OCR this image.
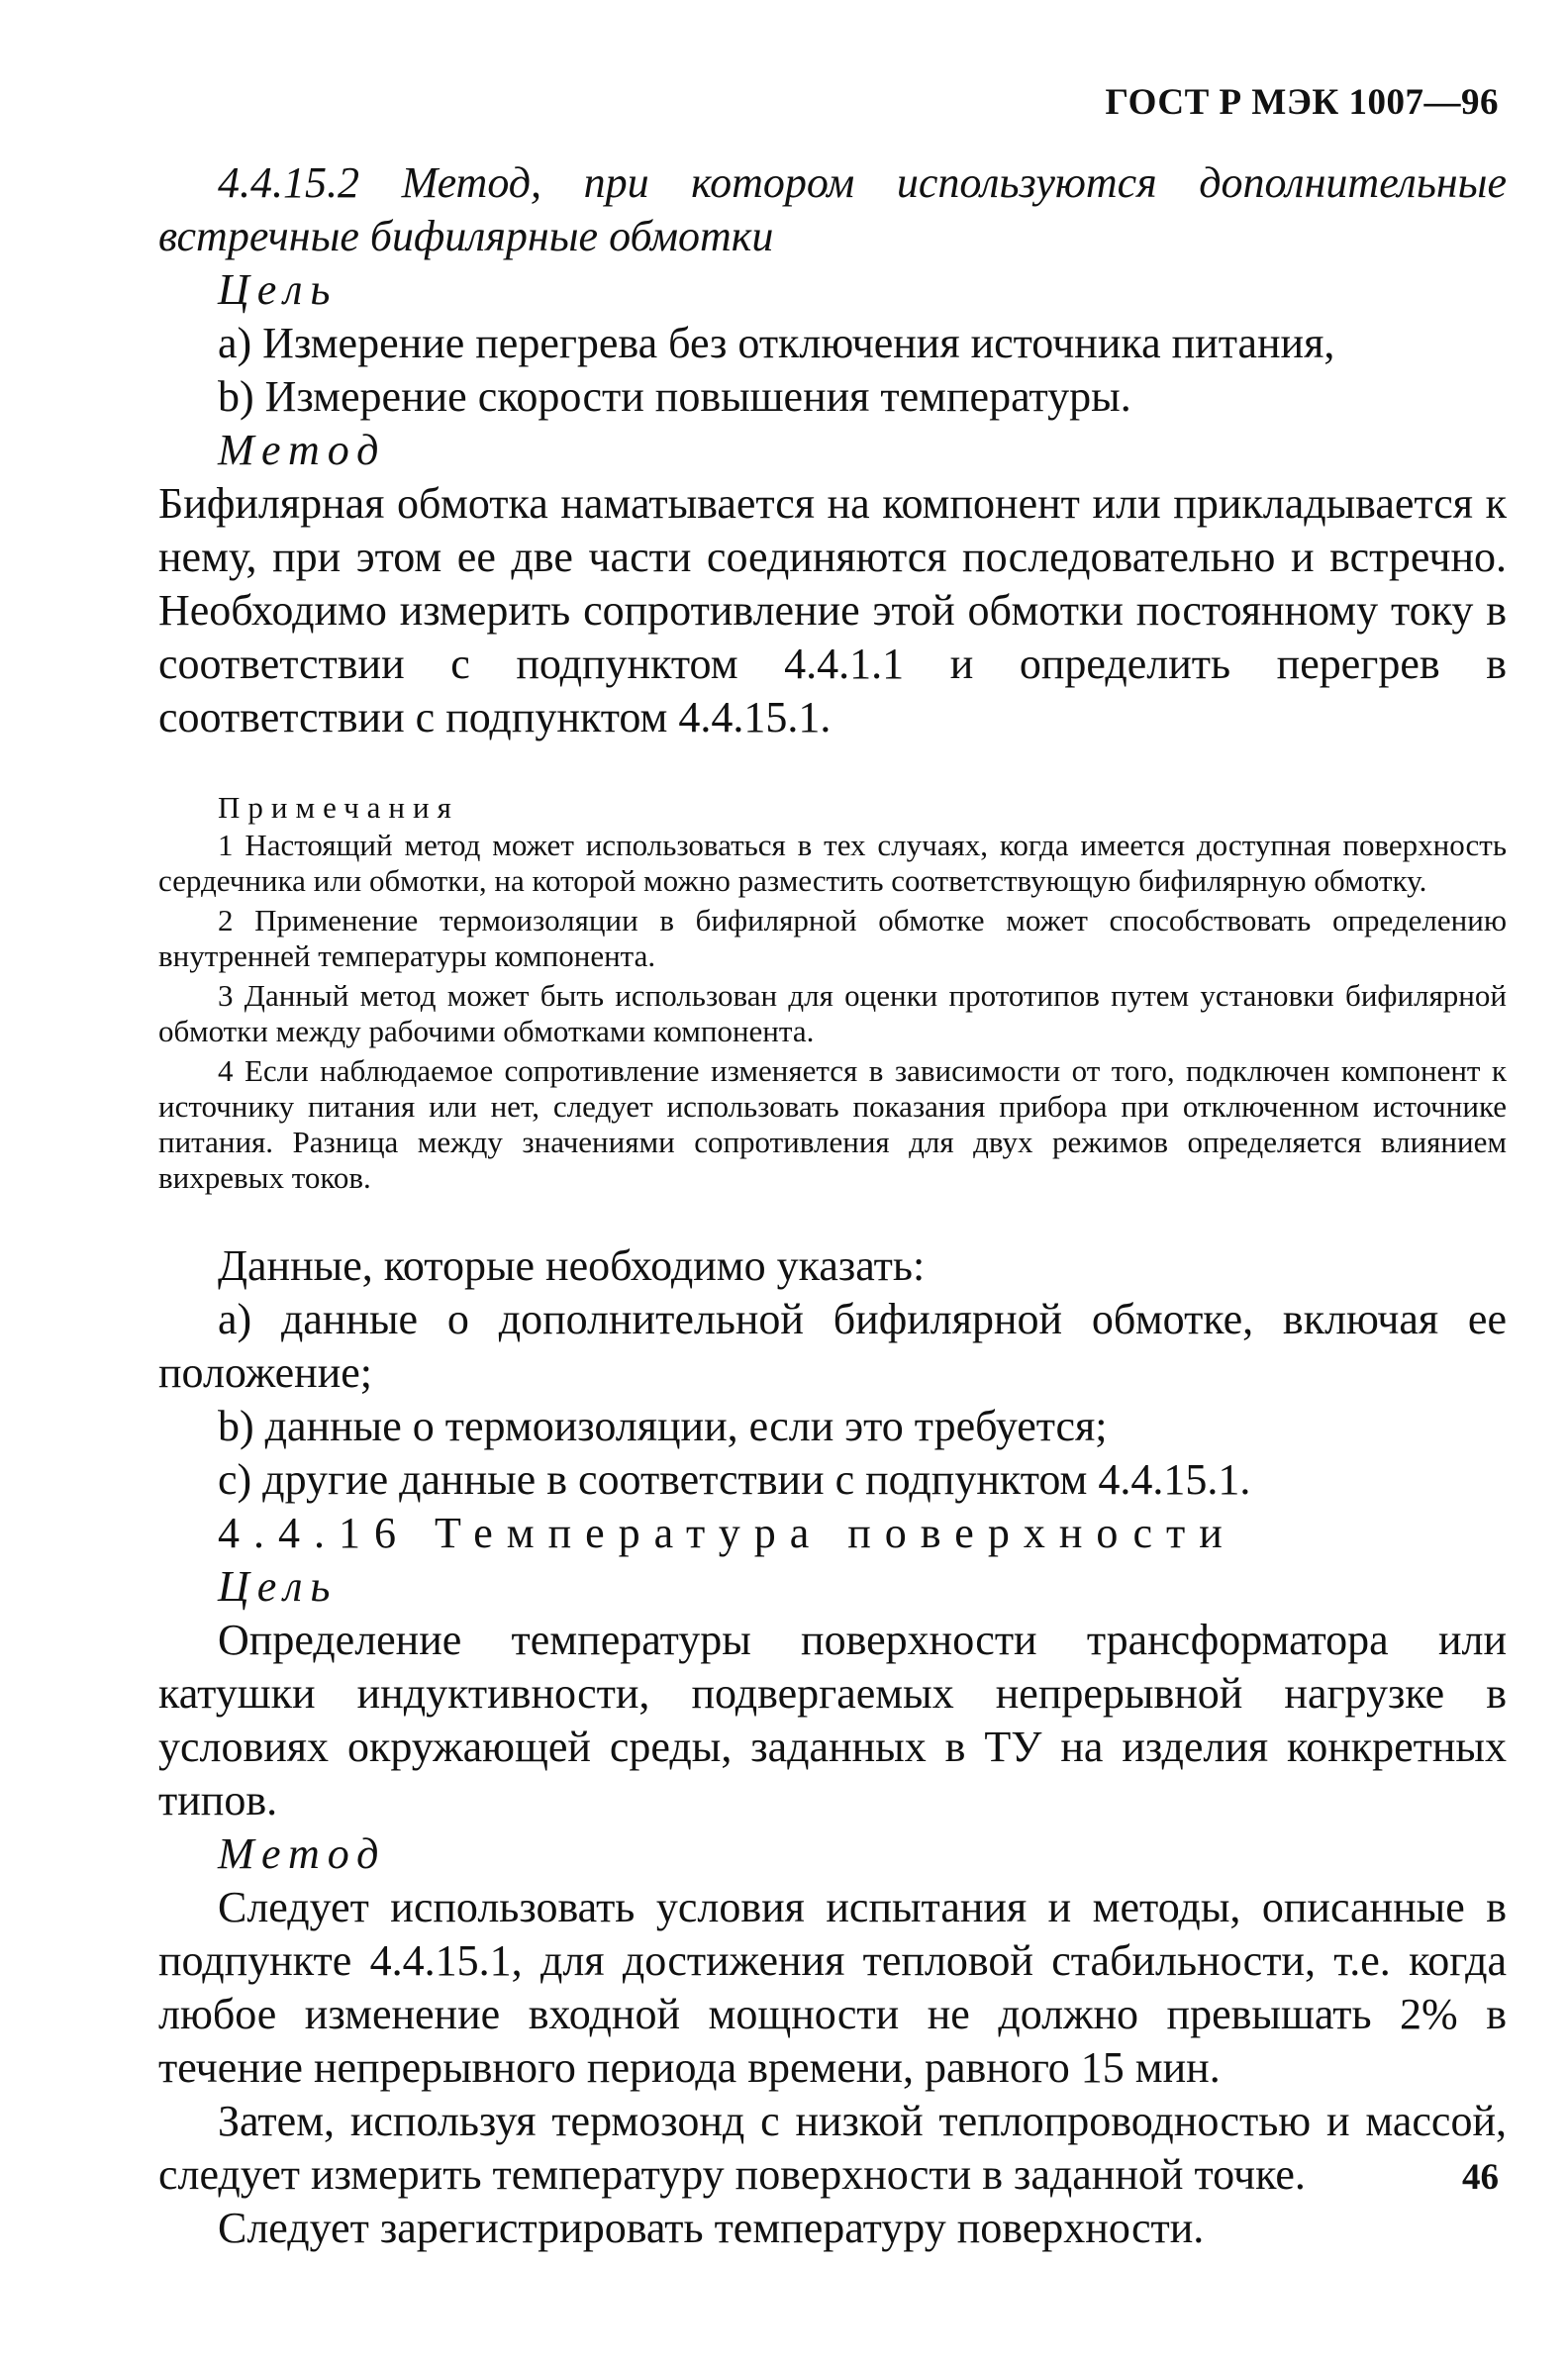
ГОСТ Р МЭК 1007—96

4.4.15.2 Метод, при котором используются дополнительные встречные бифилярные обмотки

Цель

а) Измерение перегрева без отключения источника питания,

b) Измерение скорости повышения температуры.

Метод

Бифилярная обмотка наматывается на компонент или прикладывается к нему, при этом ее две части соединяются последовательно и встречно. Необходимо измерить сопротивление этой обмотки постоянному току в соответствии с подпунктом 4.4.1.1 и определить перегрев в соответствии с подпунктом 4.4.15.1.

Примечания

1 Настоящий метод может использоваться в тех случаях, когда имеется доступная поверхность сердечника или обмотки, на которой можно разместить соответствующую бифилярную обмотку.

2 Применение термоизоляции в бифилярной обмотке может способствовать определению внутренней температуры компонента.

3 Данный метод может быть использован для оценки прототипов путем установки бифилярной обмотки между рабочими обмотками компонента.

4 Если наблюдаемое сопротивление изменяется в зависимости от того, подключен компонент к источнику питания или нет, следует использовать показания прибора при отключенном источнике питания. Разница между значениями сопротивления для двух режимов определяется влиянием вихревых токов.

Данные, которые необходимо указать:

а) данные о дополнительной бифилярной обмотке, включая ее положение;

b) данные о термоизоляции, если это требуется;

с) другие данные в соответствии с подпунктом 4.4.15.1.

4.4.16 Температура поверхности

Цель

Определение температуры поверхности трансформатора или катушки индуктивности, подвергаемых непрерывной нагрузке в условиях окружающей среды, заданных в ТУ на изделия конкретных типов.

Метод

Следует использовать условия испытания и методы, описанные в подпункте 4.4.15.1, для достижения тепловой стабильности, т.е. когда любое изменение входной мощности не должно превышать 2% в течение непрерывного периода времени, равного 15 мин.

Затем, используя термозонд с низкой теплопроводностью и массой, следует измерить температуру поверхности в заданной точке.

Следует зарегистрировать температуру поверхности.

46
